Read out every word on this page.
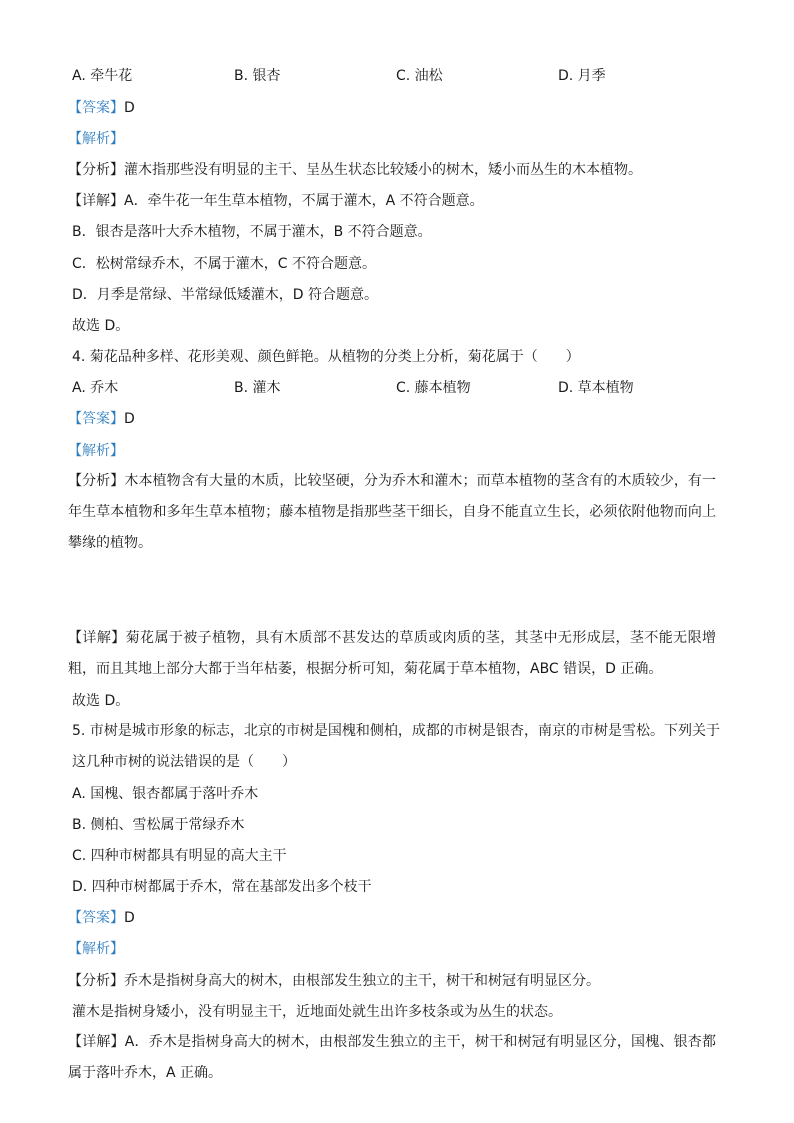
A. 牵牛花	B. 银杏	C. 油松	D. 月季
【答案】D
【解析】
【分析】灌木指那些没有明显的主干、呈丛生状态比较矮小的树木，矮小而丛生的木本植物。
【详解】A．牵牛花一年生草本植物，不属于灌木，A 不符合题意。
B．银杏是落叶大乔木植物，不属于灌木，B 不符合题意。
C．松树常绿乔木，不属于灌木，C 不符合题意。
D．月季是常绿、半常绿低矮灌木，D 符合题意。
故选 D。
4. 菊花品种多样、花形美观、颜色鲜艳。从植物的分类上分析，菊花属于（　　）
A. 乔木	B. 灌木	C. 藤本植物	D. 草本植物
【答案】D
【解析】
【分析】木本植物含有大量的木质，比较坚硬，分为乔木和灌木；而草本植物的茎含有的木质较少，有一年生草本植物和多年生草本植物；藤本植物是指那些茎干细长，自身不能直立生长，必须依附他物而向上攀缘的植物。
【详解】菊花属于被子植物，具有木质部不甚发达的草质或肉质的茎，其茎中无形成层，茎不能无限增粗，而且其地上部分大都于当年枯萎，根据分析可知，菊花属于草本植物，ABC 错误，D 正确。
故选 D。
5. 市树是城市形象的标志，北京的市树是国槐和侧柏，成都的市树是银杏，南京的市树是雪松。下列关于这几种市树的说法错误的是（　　）
A. 国槐、银杏都属于落叶乔木
B. 侧柏、雪松属于常绿乔木
C. 四种市树都具有明显的高大主干
D. 四种市树都属于乔木，常在基部发出多个枝干
【答案】D
【解析】
【分析】乔木是指树身高大的树木，由根部发生独立的主干，树干和树冠有明显区分。
灌木是指树身矮小，没有明显主干，近地面处就生出许多枝条或为丛生的状态。
【详解】A．乔木是指树身高大的树木，由根部发生独立的主干，树干和树冠有明显区分，国槐、银杏都属于落叶乔木，A 正确。
